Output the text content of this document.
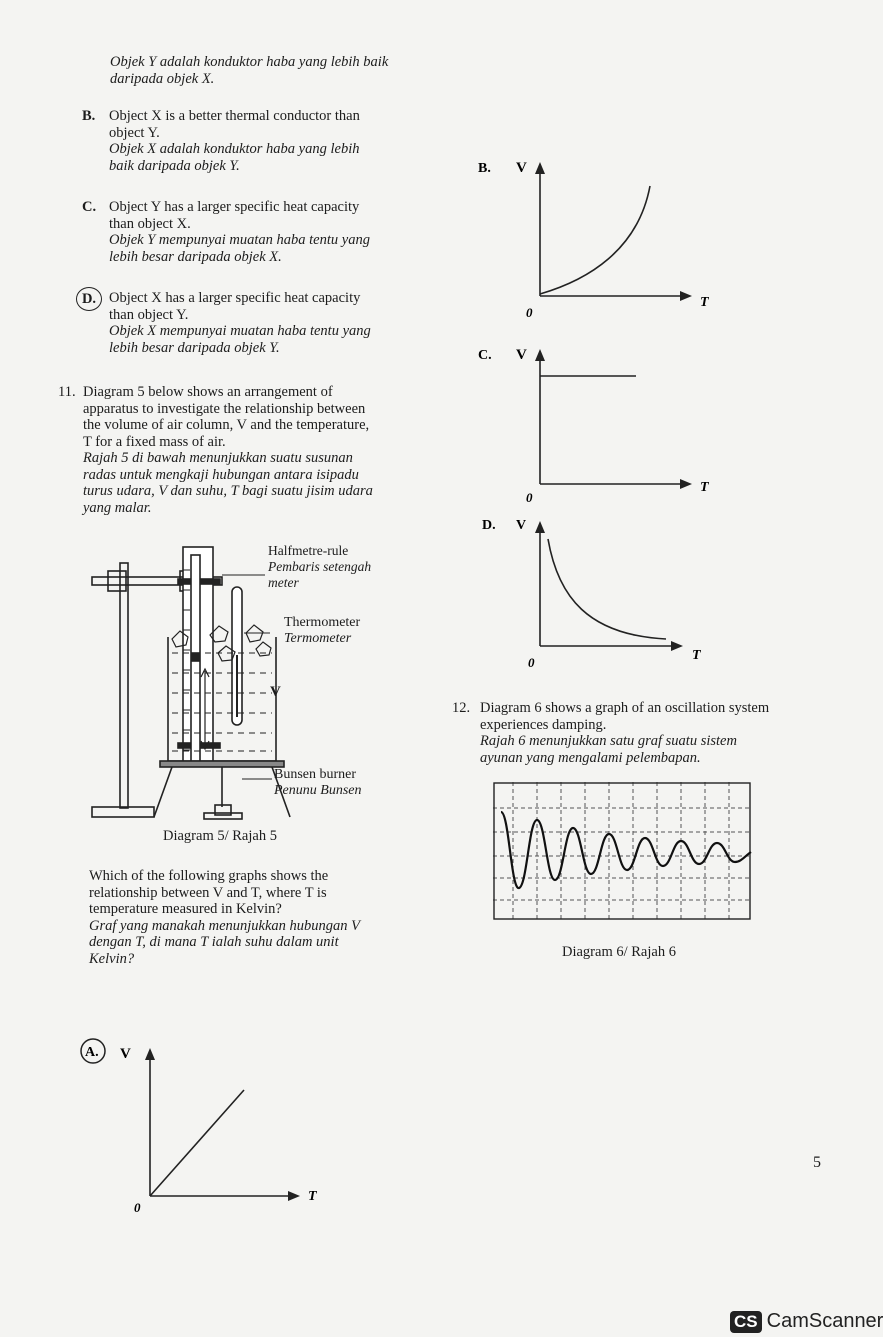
Objek Y adalah konduktor haba yang lebih baik
daripada objek X.
B. Object X is a better thermal conductor than
object Y.
Objek X adalah konduktor haba yang lebih
baik daripada objek Y.
C. Object Y has a larger specific heat capacity
than object X.
Objek Y mempunyai muatan haba tentu yang
lebih besar daripada objek X.
D. Object X has a larger specific heat capacity
than object Y.
Objek X mempunyai muatan haba tentu yang
lebih besar daripada objek Y.
11. Diagram 5 below shows an arrangement of
apparatus to investigate the relationship between
the volume of air column, V and the temperature,
T for a fixed mass of air.
Rajah 5 di bawah menunjukkan suatu susunan
radas untuk mengkaji hubungan antara isipadu
turus udara, V dan suhu, T bagi suatu jisim udara
yang malar.
Halfmetre-rule
Pembaris setengah
meter
Thermometer
Termometer
V
Bunsen burner
Penunu Bunsen
Diagram 5/ Rajah 5
Which of the following graphs shows the
relationship between V and T, where T is
temperature measured in Kelvin?
Graf yang manakah menunjukkan hubungan V
dengan T, di mana T ialah suhu dalam unit
Kelvin?
A. V
T
0
B. V
T
0
C. V
T
0
D. V
T
0
12. Diagram 6 shows a graph of an oscillation system
experiences damping.
Rajah 6 menunjukkan satu graf suatu sistem
ayunan yang mengalami pelembapan.
Diagram 6/ Rajah 6
5
CS CamScanner
